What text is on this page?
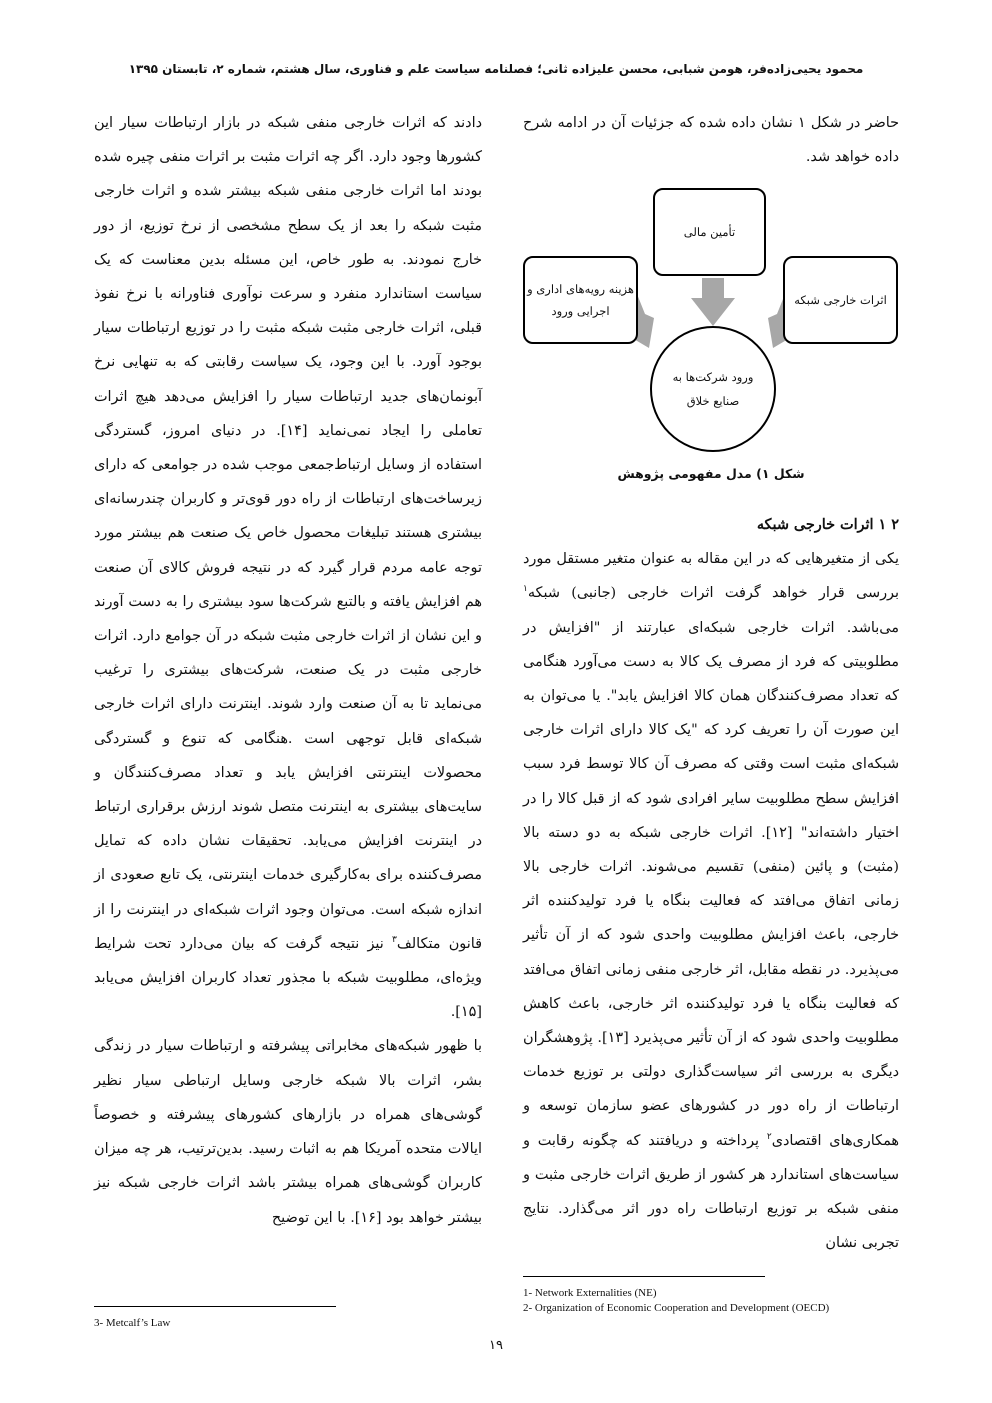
محمود یحیی‌زاده‌فر، هومن شبابی، محسن علیزاده ثانی؛ فصلنامه سیاست علم و فناوری، سال هشتم، شماره ۲، تابستان ۱۳۹۵

حاضر در شکل ۱ نشان داده شده که جزئیات آن در ادامه شرح داده خواهد شد.

هزینه رویه‌های اداری و اجرایی ورود
تأمین مالی
اثرات خارجی شبکه
ورود شرکت‌ها به صنایع خلاق
شکل ۱) مدل مفهومی پژوهش

۲ ۱ اثرات خارجی شبکه

یکی از متغیرهایی که در این مقاله به عنوان متغیر مستقل مورد بررسی قرار خواهد گرفت اثرات خارجی (جانبی) شبکه$^۱$ می‌باشد. اثرات خارجی شبکه‌ای عبارتند از "افزایش در مطلوبیتی که فرد از مصرف یک کالا به دست می‌آورد هنگامی که تعداد مصرف‌کنندگان همان کالا افزایش یابد". یا می‌توان به این صورت آن را تعریف کرد که "یک کالا دارای اثرات خارجی شبکه‌ای مثبت است وقتی که مصرف آن کالا توسط فرد سبب افزایش سطح مطلوبیت سایر افرادی شود که از قبل کالا را در اختیار داشته‌اند" [۱۲]. اثرات خارجی شبکه به دو دسته بالا (مثبت) و پائین (منفی) تقسیم می‌شوند. اثرات خارجی بالا زمانی اتفاق می‌افتد که فعالیت بنگاه یا فرد تولیدکننده اثر خارجی، باعث افزایش مطلوبیت واحدی شود که از آن تأثیر می‌پذیرد. در نقطه مقابل، اثر خارجی منفی زمانی اتفاق می‌افتد که فعالیت بنگاه یا فرد تولیدکننده اثر خارجی، باعث کاهش مطلوبیت واحدی شود که از آن تأثیر می‌پذیرد [۱۳]. پژوهشگران دیگری به بررسی اثر سیاست‌گذاری دولتی بر توزیع خدمات ارتباطات از راه دور در کشورهای عضو سازمان توسعه و همکاری‌های اقتصادی$^۲$ پرداخته و دریافتند که چگونه رقابت و سیاست‌های استاندارد هر کشور از طریق اثرات خارجی مثبت و منفی شبکه بر توزیع ارتباطات راه دور اثر می‌گذارد. نتایج تجربی نشان

دادند که اثرات خارجی منفی شبکه در بازار ارتباطات سیار این کشورها وجود دارد. اگر چه اثرات مثبت بر اثرات منفی چیره شده بودند اما اثرات خارجی منفی شبکه بیشتر شده و اثرات خارجی مثبت شبکه را بعد از یک سطح مشخصی از نرخ توزیع، از دور خارج نمودند. به طور خاص، این مسئله بدین معناست که یک سیاست استاندارد منفرد و سرعت نوآوری فناورانه با نرخ نفوذ قبلی، اثرات خارجی مثبت شبکه مثبت را در توزیع ارتباطات سیار بوجود آورد. با این وجود، یک سیاست رقابتی که به تنهایی نرخ آبونمان‌های جدید ارتباطات سیار را افزایش می‌دهد هیچ اثرات تعاملی را ایجاد نمی‌نماید [۱۴]. در دنیای امروز، گستردگی استفاده از وسایل ارتباط‌جمعی موجب شده در جوامعی که دارای زیرساخت‌های ارتباطات از راه دور قوی‌تر و کاربران چندرسانه‌ای بیشتری هستند تبلیغات محصول خاص یک صنعت هم بیشتر مورد توجه عامه مردم قرار گیرد که در نتیجه فروش کالای آن صنعت هم افزایش یافته و بالتبع شرکت‌ها سود بیشتری را به دست آورند و این نشان از اثرات خارجی مثبت شبکه در آن جوامع دارد. اثرات خارجی مثبت در یک صنعت، شرکت‌های بیشتری را ترغیب می‌نماید تا به آن صنعت وارد شوند. اینترنت دارای اثرات خارجی شبکه‌ای قابل توجهی است .هنگامی که تنوع و گستردگی محصولات اینترنتی افزایش یابد و تعداد مصرف‌کنندگان و سایت‌های بیشتری به اینترنت متصل شوند ارزش برقراری ارتباط در اینترنت افزایش می‌یابد. تحقیقات نشان داده که تمایل مصرف‌کننده برای به‌کارگیری خدمات اینترنتی، یک تابع صعودی از اندازه شبکه است. می‌توان وجود اثرات شبکه‌ای در اینترنت را از قانون متکالف$^۳$ نیز نتیجه گرفت که بیان می‌دارد تحت شرایط ویژه‌ای، مطلوبیت شبکه با مجذور تعداد کاربران افزایش می‌یابد [۱۵].

با ظهور شبکه‌های مخابراتی پیشرفته و ارتباطات سیار در زندگی بشر، اثرات بالا شبکه خارجی وسایل ارتباطی سیار نظیر گوشی‌های همراه در بازارهای کشورهای پیشرفته و خصوصاً ایالات متحده آمریکا هم به اثبات رسید. بدین‌ترتیب، هر چه میزان کاربران گوشی‌های همراه بیشتر باشد اثرات خارجی شبکه نیز بیشتر خواهد بود [۱۶]. با این توضیح

1- Network Externalities (NE)
2- Organization of Economic Cooperation and Development (OECD)
3- Metcalf’s Law
۱۹
